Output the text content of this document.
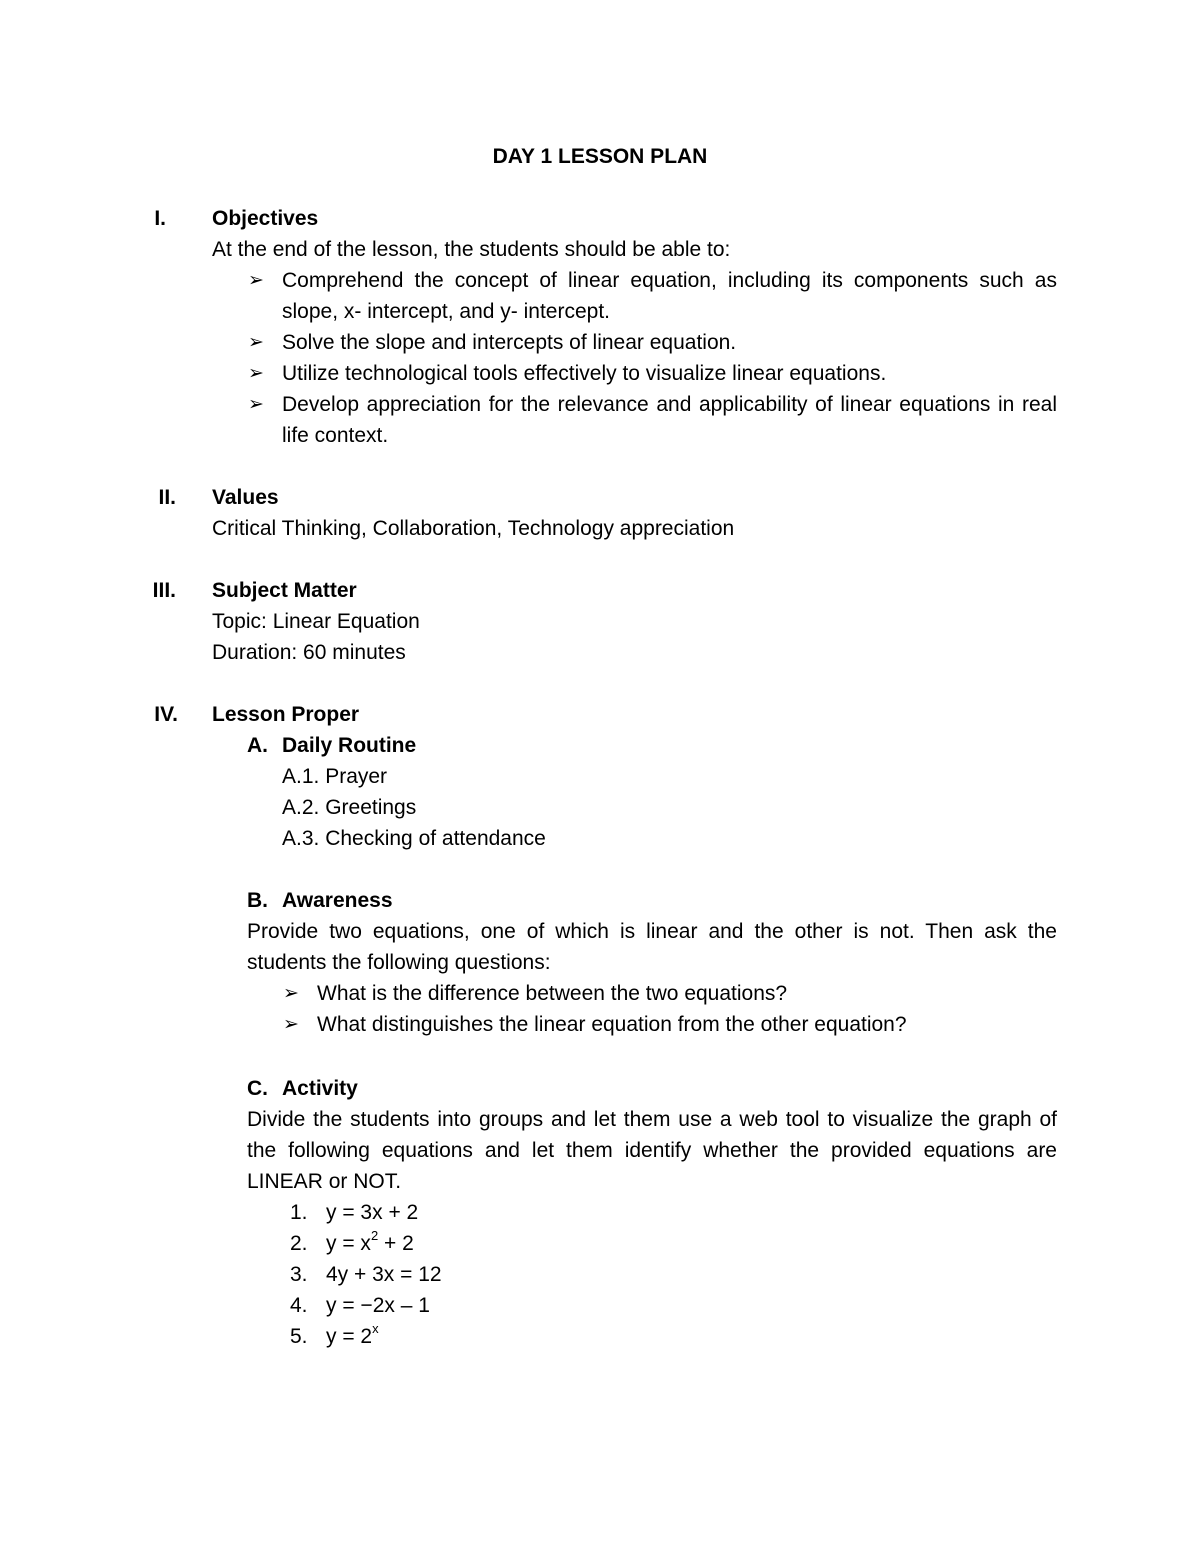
DAY 1 LESSON PLAN
I. Objectives
At the end of the lesson, the students should be able to:
➢ Comprehend the concept of linear equation, including its components such as slope, x- intercept, and y- intercept.
➢ Solve the slope and intercepts of linear equation.
➢ Utilize technological tools effectively to visualize linear equations.
➢ Develop appreciation for the relevance and applicability of linear equations in real life context.
II. Values
Critical Thinking, Collaboration, Technology appreciation
III. Subject Matter
Topic: Linear Equation
Duration: 60 minutes
IV. Lesson Proper
A. Daily Routine
A.1. Prayer
A.2. Greetings
A.3. Checking of attendance
B. Awareness
Provide two equations, one of which is linear and the other is not. Then ask the students the following questions:
➢ What is the difference between the two equations?
➢ What distinguishes the linear equation from the other equation?
C. Activity
Divide the students into groups and let them use a web tool to visualize the graph of the following equations and let them identify whether the provided equations are LINEAR or NOT.
1. y = 3x + 2
2. $y = x^2 + 2$
3. 4y + 3x = 12
4. y = −2x – 1
5. $y = 2^x$
